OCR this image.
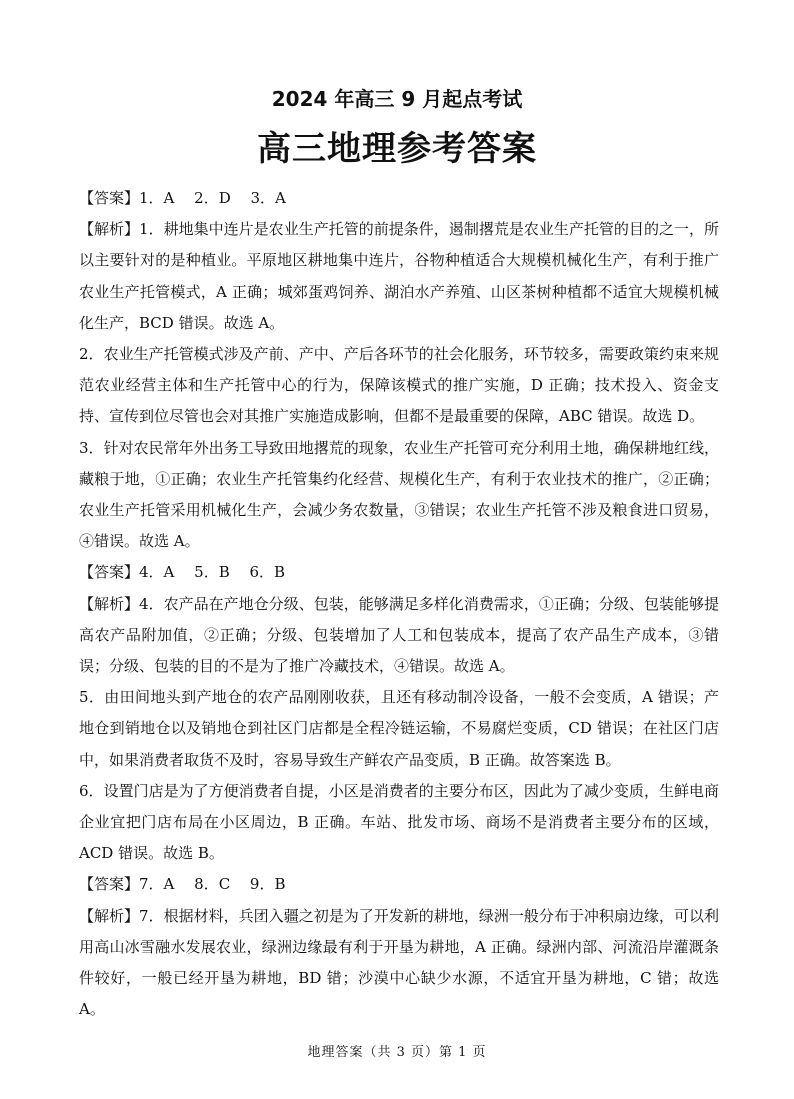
2024 年高三 9 月起点考试
高三地理参考答案

【答案】1．A　 2．D　 3．A

【解析】1．耕地集中连片是农业生产托管的前提条件，遏制撂荒是农业生产托管的目的之一，所以主要针对的是种植业。平原地区耕地集中连片，谷物种植适合大规模机械化生产，有利于推广农业生产托管模式，A 正确；城郊蛋鸡饲养、湖泊水产养殖、山区茶树种植都不适宜大规模机械化生产，BCD 错误。故选 A。

2．农业生产托管模式涉及产前、产中、产后各环节的社会化服务，环节较多，需要政策约束来规范农业经营主体和生产托管中心的行为，保障该模式的推广实施，D 正确；技术投入、资金支持、宣传到位尽管也会对其推广实施造成影响，但都不是最重要的保障，ABC 错误。故选 D。

3．针对农民常年外出务工导致田地撂荒的现象，农业生产托管可充分利用土地，确保耕地红线，藏粮于地，①正确；农业生产托管集约化经营、规模化生产，有利于农业技术的推广，②正确；农业生产托管采用机械化生产，会减少务农数量，③错误；农业生产托管不涉及粮食进口贸易，④错误。故选 A。

【答案】4．A　 5．B　 6．B

【解析】4．农产品在产地仓分级、包装，能够满足多样化消费需求，①正确；分级、包装能够提高农产品附加值，②正确；分级、包装增加了人工和包装成本，提高了农产品生产成本，③错误；分级、包装的目的不是为了推广冷藏技术，④错误。故选 A。

5．由田间地头到产地仓的农产品刚刚收获，且还有移动制冷设备，一般不会变质，A 错误；产地仓到销地仓以及销地仓到社区门店都是全程冷链运输，不易腐烂变质，CD 错误；在社区门店中，如果消费者取货不及时，容易导致生产鲜农产品变质，B 正确。故答案选 B。

6．设置门店是为了方便消费者自提，小区是消费者的主要分布区，因此为了减少变质，生鲜电商企业宜把门店布局在小区周边，B 正确。车站、批发市场、商场不是消费者主要分布的区域，ACD 错误。故选 B。

【答案】7．A　 8．C　 9．B

【解析】7．根据材料，兵团入疆之初是为了开发新的耕地，绿洲一般分布于冲积扇边缘，可以利用高山冰雪融水发展农业，绿洲边缘最有利于开垦为耕地，A 正确。绿洲内部、河流沿岸灌溉条件较好，一般已经开垦为耕地，BD 错；沙漠中心缺少水源，不适宜开垦为耕地，C 错；故选 A。

地理答案（共 3 页）第 1 页
